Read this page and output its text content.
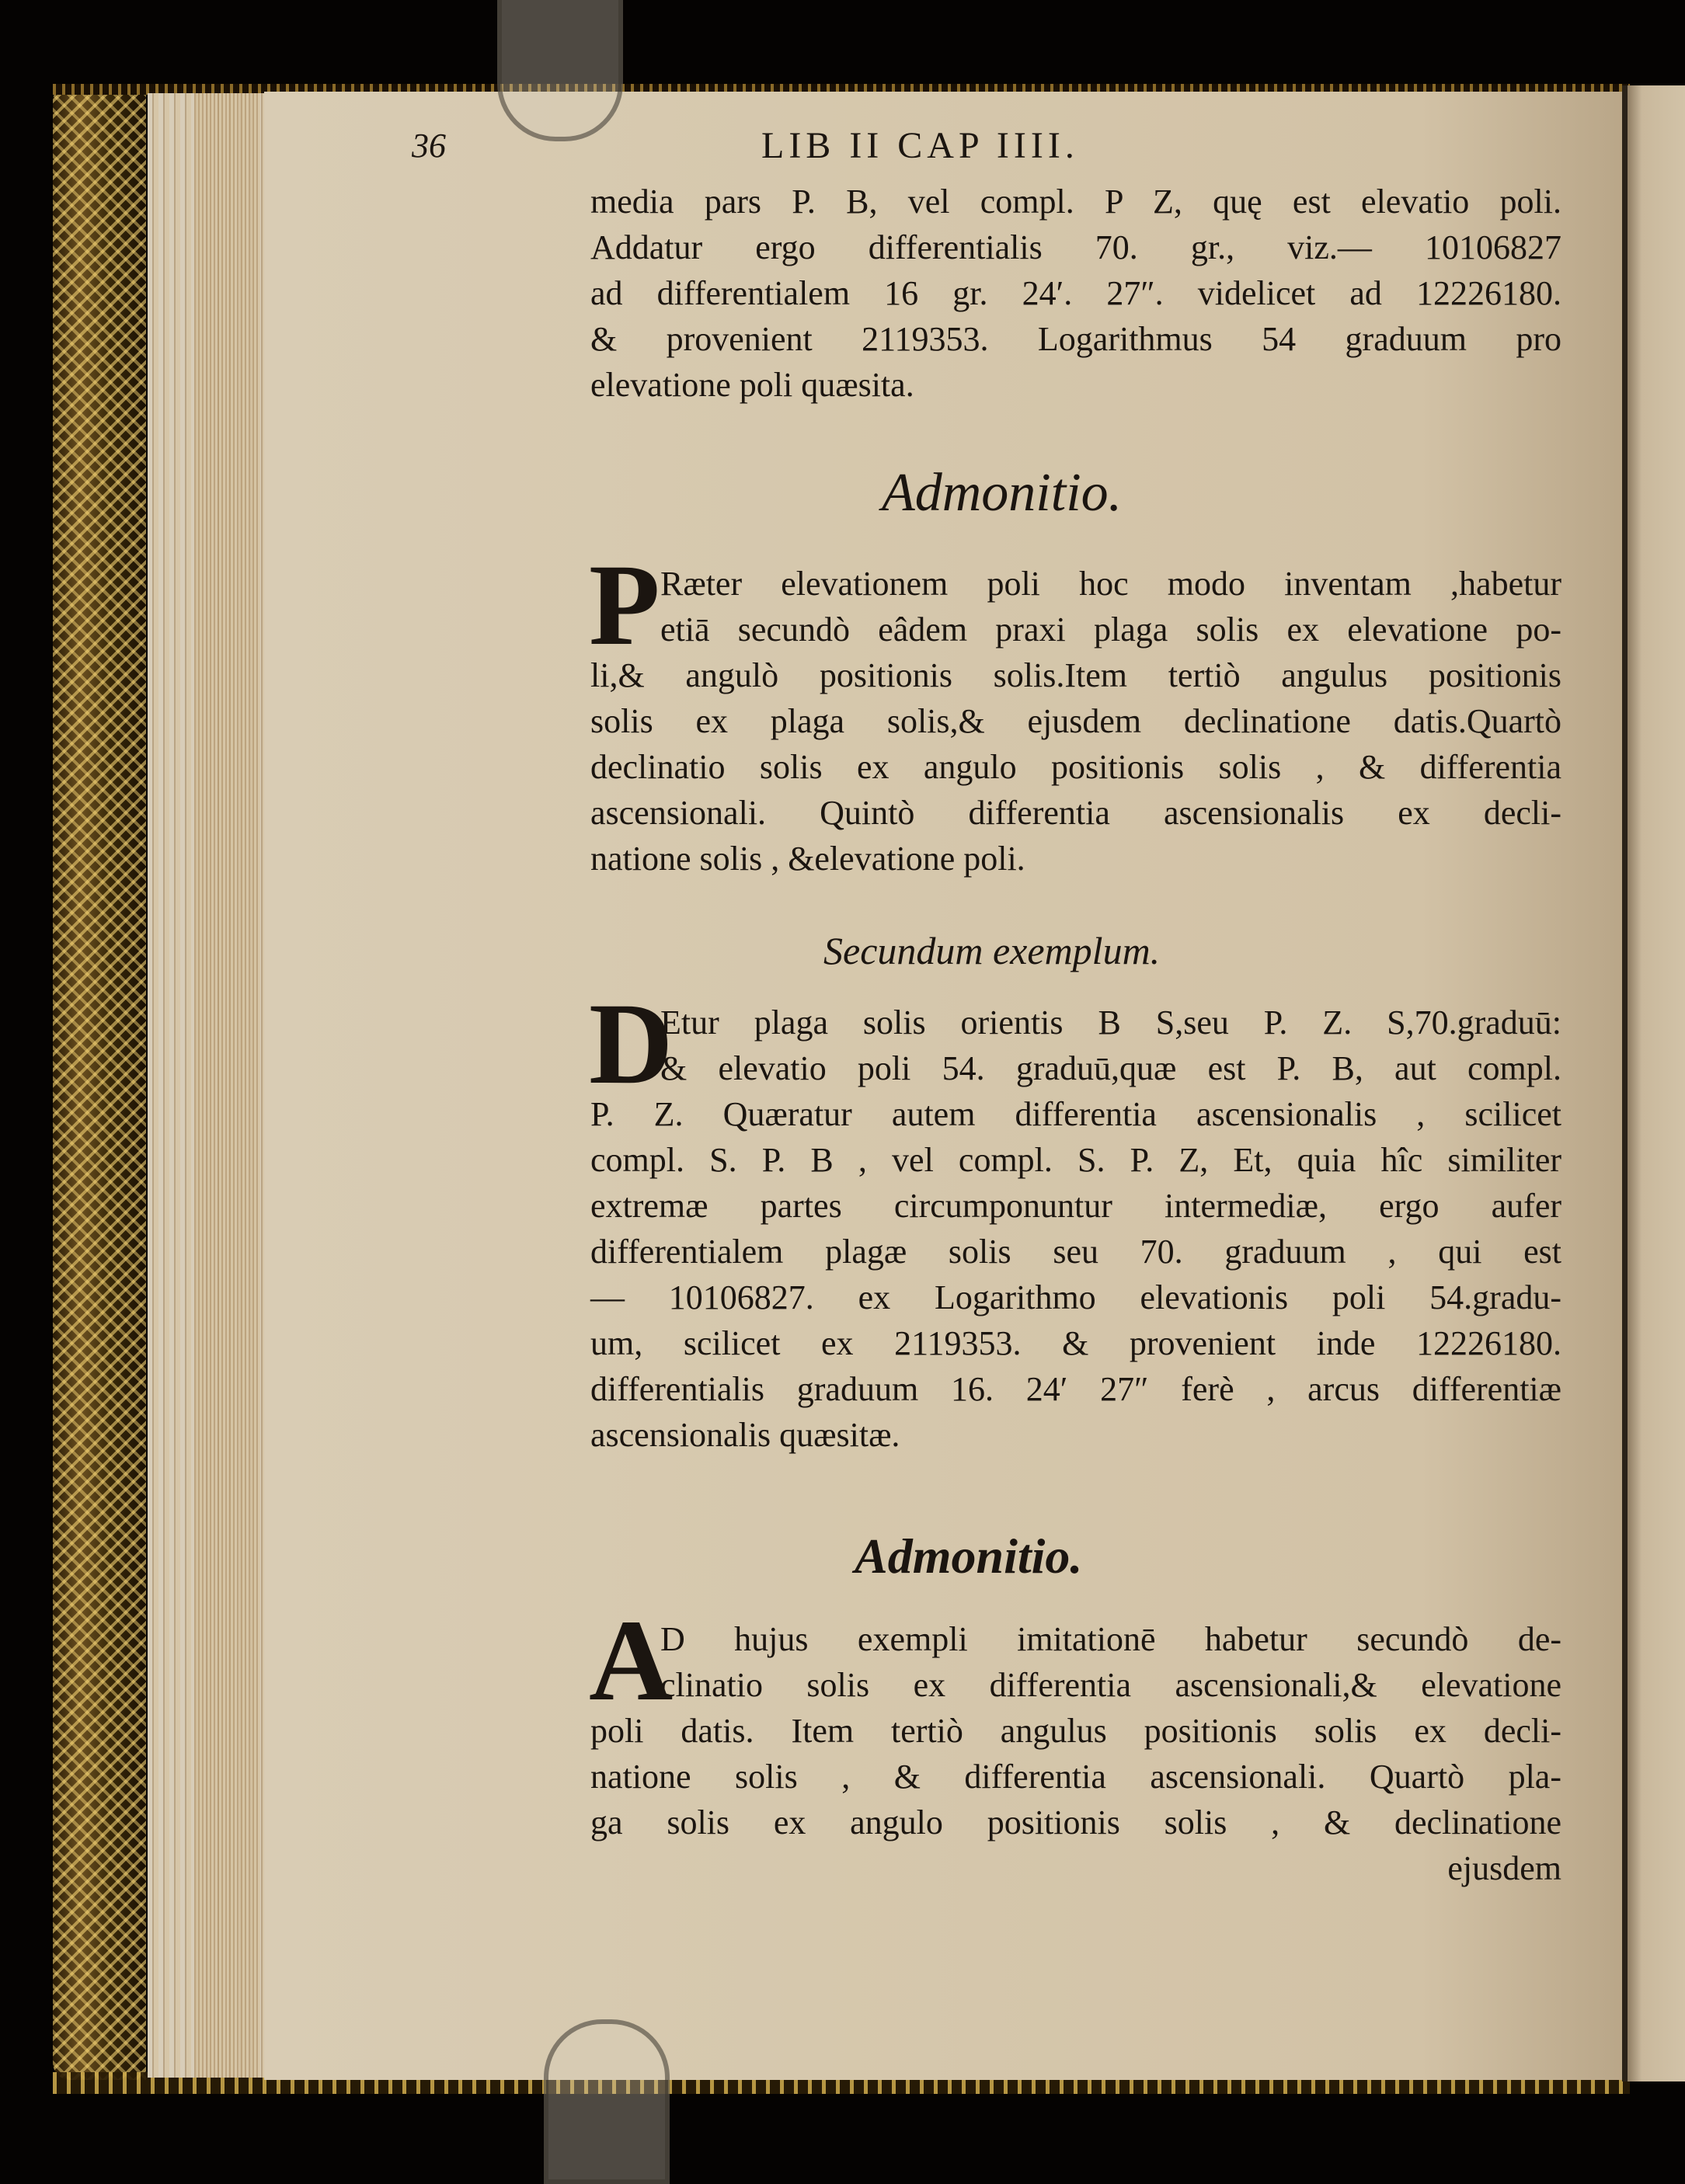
36	LIB II CAP IIII.

media pars P. B, vel compl. P Z, quę est elevatio poli.
Addatur ergo differentialis 70. gr., viz.— 10106827
ad differentialem 16 gr. 24′. 27″. videlicet ad 12226180.
& provenient 2119353. Logarithmus 54 graduum pro
elevatione poli quæsita.

Admonitio.

P Ræter elevationem poli hoc modo inventam ,habetur
etiā secundò eâdem praxi plaga solis ex elevatione po-
li,& angulò positionis solis.Item tertiò angulus positionis
solis ex plaga solis,& ejusdem declinatione datis.Quartò
declinatio solis ex angulo positionis solis , & differentia
ascensionali. Quintò differentia ascensionalis ex decli-
natione solis , &elevatione poli.

Secundum exemplum.

D
Etur plaga solis orientis B S,seu P. Z. S,70.graduū:
& elevatio poli 54. graduū,quæ est P. B, aut compl.
P. Z. Quæratur autem differentia ascensionalis , scilicet
compl. S. P. B , vel compl. S. P. Z, Et, quia hîc similiter
extremæ partes circumponuntur intermediæ, ergo aufer
differentialem plagæ solis seu 70. graduum , qui est
— 10106827. ex Logarithmo elevationis poli 54.gradu-
um, scilicet ex 2119353. & provenient inde 12226180.
differentialis graduum 16. 24′ 27″ ferè , arcus differentiæ
ascensionalis quæsitæ.

Admonitio.

A
D hujus exempli imitationē habetur secundò de-
clinatio solis ex differentia ascensionali,& elevatione
poli datis. Item tertiò angulus positionis solis ex decli-
natione solis , & differentia ascensionali. Quartò pla-
ga solis ex angulo positionis solis , & declinatione
ejusdem
